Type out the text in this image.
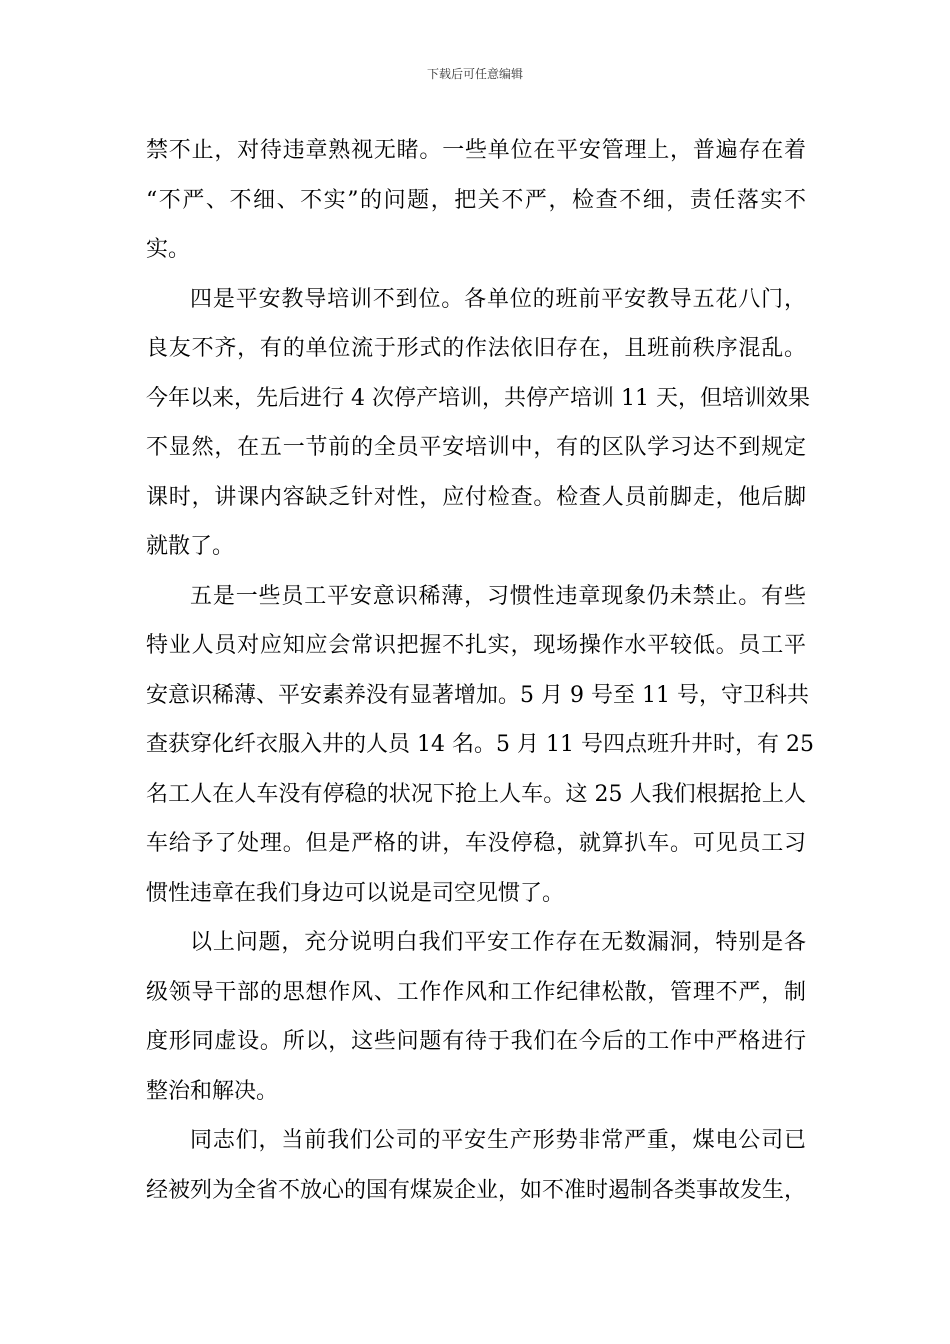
下载后可任意编辑
禁不止，对待违章熟视无睹。一些单位在平安管理上，普遍存在着
“不严、不细、不实”的问题，把关不严，检查不细，责任落实不
实。
四是平安教导培训不到位。各单位的班前平安教导五花八门，
良友不齐，有的单位流于形式的作法依旧存在，且班前秩序混乱。
今年以来，先后进行 4 次停产培训，共停产培训 11 天，但培训效果
不显然，在五一节前的全员平安培训中，有的区队学习达不到规定
课时，讲课内容缺乏针对性，应付检查。检查人员前脚走，他后脚
就散了。
五是一些员工平安意识稀薄，习惯性违章现象仍未禁止。有些
特业人员对应知应会常识把握不扎实，现场操作水平较低。员工平
安意识稀薄、平安素养没有显著增加。5 月 9 号至 11 号，守卫科共
查获穿化纤衣服入井的人员 14 名。5 月 11 号四点班升井时，有 25
名工人在人车没有停稳的状况下抢上人车。这 25 人我们根据抢上人
车给予了处理。但是严格的讲，车没停稳，就算扒车。可见员工习
惯性违章在我们身边可以说是司空见惯了。
以上问题，充分说明白我们平安工作存在无数漏洞，特别是各
级领导干部的思想作风、工作作风和工作纪律松散，管理不严，制
度形同虚设。所以，这些问题有待于我们在今后的工作中严格进行
整治和解决。
同志们，当前我们公司的平安生产形势非常严重，煤电公司已
经被列为全省不放心的国有煤炭企业，如不准时遏制各类事故发生，
